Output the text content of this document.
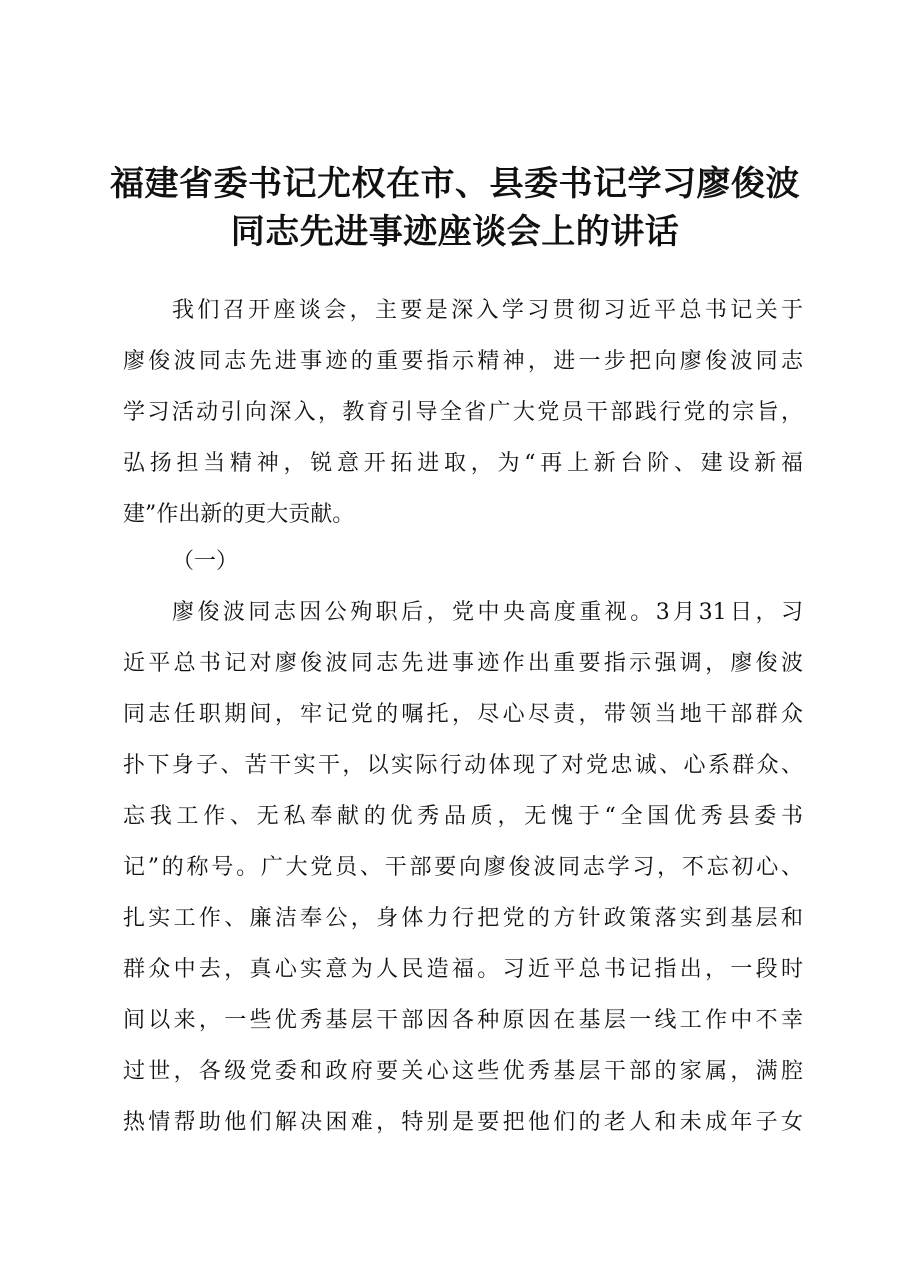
福建省委书记尤权在市、县委书记学习廖俊波
同志先进事迹座谈会上的讲话

我们召开座谈会，主要是深入学习贯彻习近平总书记关于

廖俊波同志先进事迹的重要指示精神，进一步把向廖俊波同志

学习活动引向深入，教育引导全省广大党员干部践行党的宗旨，

弘扬担当精神，锐意开拓进取，为“再上新台阶、建设新福

建”作出新的更大贡献。

（一）

廖俊波同志因公殉职后，党中央高度重视。3月31日，习

近平总书记对廖俊波同志先进事迹作出重要指示强调，廖俊波

同志任职期间，牢记党的嘱托，尽心尽责，带领当地干部群众

扑下身子、苦干实干，以实际行动体现了对党忠诚、心系群众、

忘我工作、无私奉献的优秀品质，无愧于“全国优秀县委书

记”的称号。广大党员、干部要向廖俊波同志学习，不忘初心、

扎实工作、廉洁奉公，身体力行把党的方针政策落实到基层和

群众中去，真心实意为人民造福。习近平总书记指出，一段时

间以来，一些优秀基层干部因各种原因在基层一线工作中不幸

过世，各级党委和政府要关心这些优秀基层干部的家属，满腔

热情帮助他们解决困难，特别是要把他们的老人和未成年子女
